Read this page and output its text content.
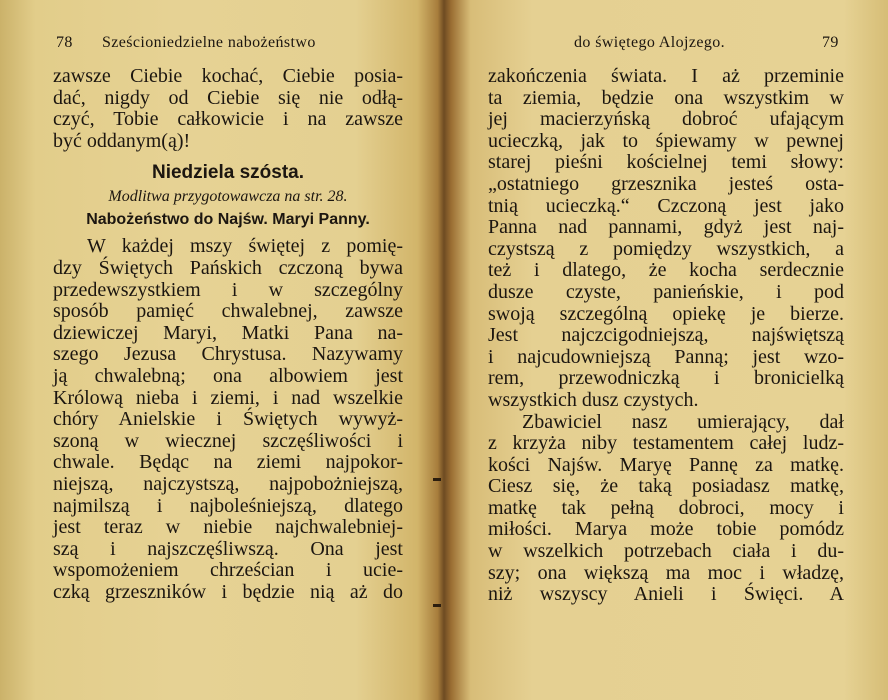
78 Sześcioniedzielne nabożeństwo
zawsze Ciebie kochać, Ciebie posia-
dać, nigdy od Ciebie się nie odłą-
czyć, Tobie całkowicie i na zawsze
być oddanym(ą)!
Niedziela szósta.
Modlitwa przygotowawcza na str. 28.
Nabożeństwo do Najśw. Maryi Panny.
W każdej mszy świętej z pomię-
dzy Świętych Pańskich czczoną bywa
przedewszystkiem i w szczególny
sposób pamięć chwalebnej, zawsze
dziewiczej Maryi, Matki Pana na-
szego Jezusa Chrystusa. Nazywamy
ją chwalebną; ona albowiem jest
Królową nieba i ziemi, i nad wszelkie
chóry Anielskie i Świętych wywyż-
szoną w wiecznej szczęśliwości i
chwale. Będąc na ziemi najpokor-
niejszą, najczystszą, najpobożniejszą,
najmilszą i najboleśniejszą, dlatego
jest teraz w niebie najchwalebniej-
szą i najszczęśliwszą. Ona jest
wspomożeniem chrześcian i ucie-
czką grzeszników i będzie nią aż do
do świętego Alojzego.	79
zakończenia świata. I aż przeminie
ta ziemia, będzie ona wszystkim w
jej macierzyńską dobroć ufającym
ucieczką, jak to śpiewamy w pewnej
starej pieśni kościelnej temi słowy:
„ostatniego grzesznika jesteś osta-
tnią ucieczką.“ Czczoną jest jako
Panna nad pannami, gdyż jest naj-
czystszą z pomiędzy wszystkich, a
też i dlatego, że kocha serdecznie
dusze czyste, panieńskie, i pod
swoją szczególną opiekę je bierze.
Jest najczcigodniejszą, najświętszą
i najcudowniejszą Panną; jest wzo-
rem, przewodniczką i bronicielką
wszystkich dusz czystych.
Zbawiciel nasz umierający, dał
z krzyża niby testamentem całej ludz-
kości Najśw. Maryę Pannę za matkę.
Ciesz się, że taką posiadasz matkę,
matkę tak pełną dobroci, mocy i
miłości. Marya może tobie pomódz
w wszelkich potrzebach ciała i du-
szy; ona większą ma moc i władzę,
niż wszyscy Anieli i Święci. A
